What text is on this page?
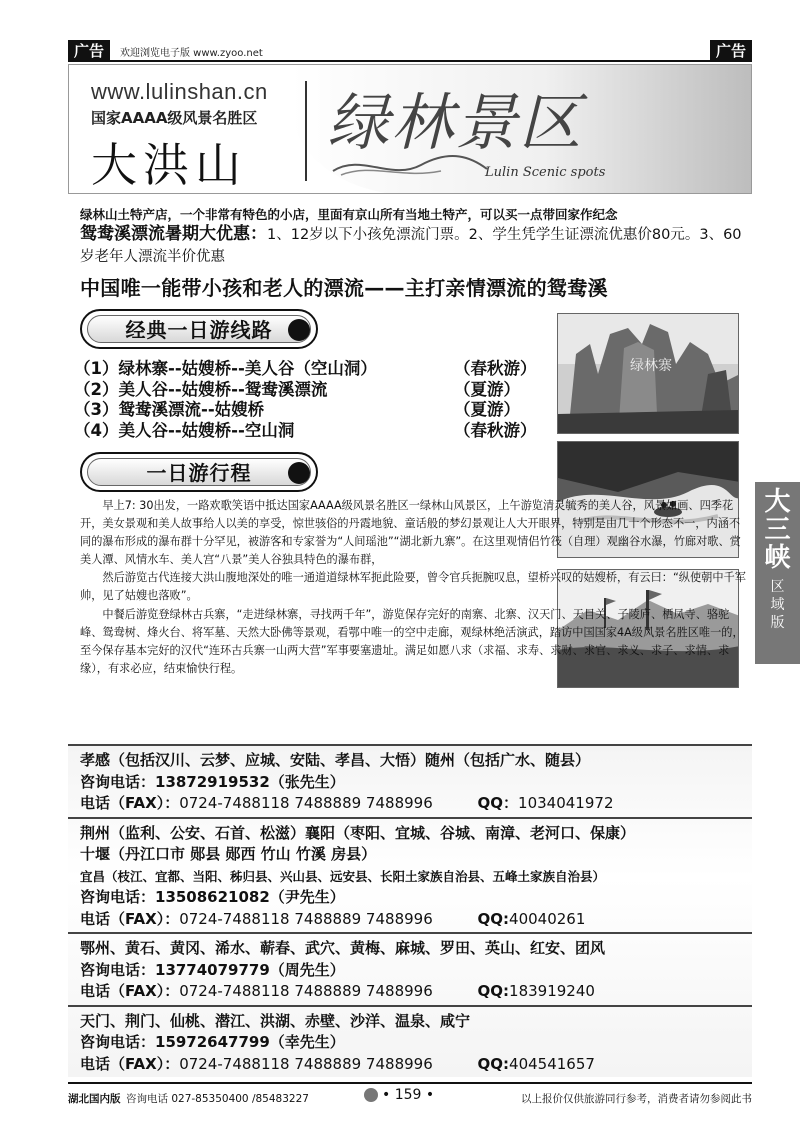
广告	欢迎浏览电子版 www.zyoo.net	广告
www.lulinshan.cn
国家AAAA级风景名胜区
大洪山
绿林景区
Lulin Scenic spots
绿林山土特产店，一个非常有特色的小店，里面有京山所有当地土特产，可以买一点带回家作纪念
鸳鸯溪漂流暑期大优惠：1、12岁以下小孩免漂流门票。2、学生凭学生证漂流优惠价80元。3、60岁老年人漂流半价优惠
中国唯一能带小孩和老人的漂流——主打亲情漂流的鸳鸯溪
经典一日游线路
（1）绿林寨--姑嫂桥--美人谷（空山洞）	（春秋游）
（2）美人谷--姑嫂桥--鸳鸯溪漂流	（夏游）
（3）鸳鸯溪漂流--姑嫂桥	（夏游）
（4）美人谷--姑嫂桥--空山洞	（春秋游）
一日游行程
绿林寨

早上7: 30出发，一路欢歌笑语中抵达国家AAAA级风景名胜区一绿林山风景区，上午游览清灵毓秀的美人谷，风景如画、四季花开，美女景观和美人故事给人以美的享受，惊世骇俗的丹霞地貌、童话般的梦幻景观让人大开眼界，特别是由几十个形态不一，内涵不同的瀑布形成的瀑布群十分罕见，被游客和专家誉为“人间瑶池”“湖北新九寨”。在这里观情侣竹筏（自理）观幽谷水瀑，竹廊对歌、赏美人潭、风情水车、美人宫“八景”美人谷独具特色的瀑布群，

然后游览古代连接大洪山腹地深处的唯一通道道绿林军扼此险要，曾令官兵扼腕叹息，望桥兴叹的姑嫂桥，有云曰：“纵使朝中千军帅，见了姑嫂也落败”。

中餐后游览登绿林古兵寨，“走进绿林寨，寻找两千年”，游览保存完好的南寨、北寨、汉天门、天目关、子陵庐、栖凤寺、骆驼峰、鸳鸯树、烽火台、将军墓、天然大卧佛等景观，看鄂中唯一的空中走廊，观绿林绝活演武，踏访中国国家4A级风景名胜区唯一的，至今保存基本完好的汉代“连环古兵寨一山两大营”军事要塞遗址。满足如愿八求（求福、求寿、求财、求官、求义、求子、求情、求缘），有求必应，结束愉快行程。

大
三
峡
区
域
版
孝感（包括汉川、云梦、应城、安陆、孝昌、大悟）随州（包括广水、随县）
咨询电话：13872919532（张先生）
电话（FAX）：0724-7488118 7488889 7488996	QQ：1034041972
荆州（监利、公安、石首、松滋）襄阳（枣阳、宜城、谷城、南漳、老河口、保康）
十堰（丹江口市 郧县 郧西 竹山 竹溪 房县）
宜昌（枝江、宜都、当阳、秭归县、兴山县、远安县、长阳土家族自治县、五峰土家族自治县）
咨询电话：13508621082（尹先生）
电话（FAX）：0724-7488118 7488889 7488996	QQ:40040261
鄂州、黄石、黄冈、浠水、蕲春、武穴、黄梅、麻城、罗田、英山、红安、团风
咨询电话：13774079779（周先生）
电话（FAX）：0724-7488118 7488889 7488996	QQ:183919240
天门、荆门、仙桃、潜江、洪湖、赤壁、沙洋、温泉、咸宁
咨询电话：15972647799（幸先生）
电话（FAX）：0724-7488118 7488889 7488996	QQ:404541657
湖北国内版 咨询电话 027-85350400 /85483227	• 159 •	以上报价仅供旅游同行参考，消费者请勿参阅此书
